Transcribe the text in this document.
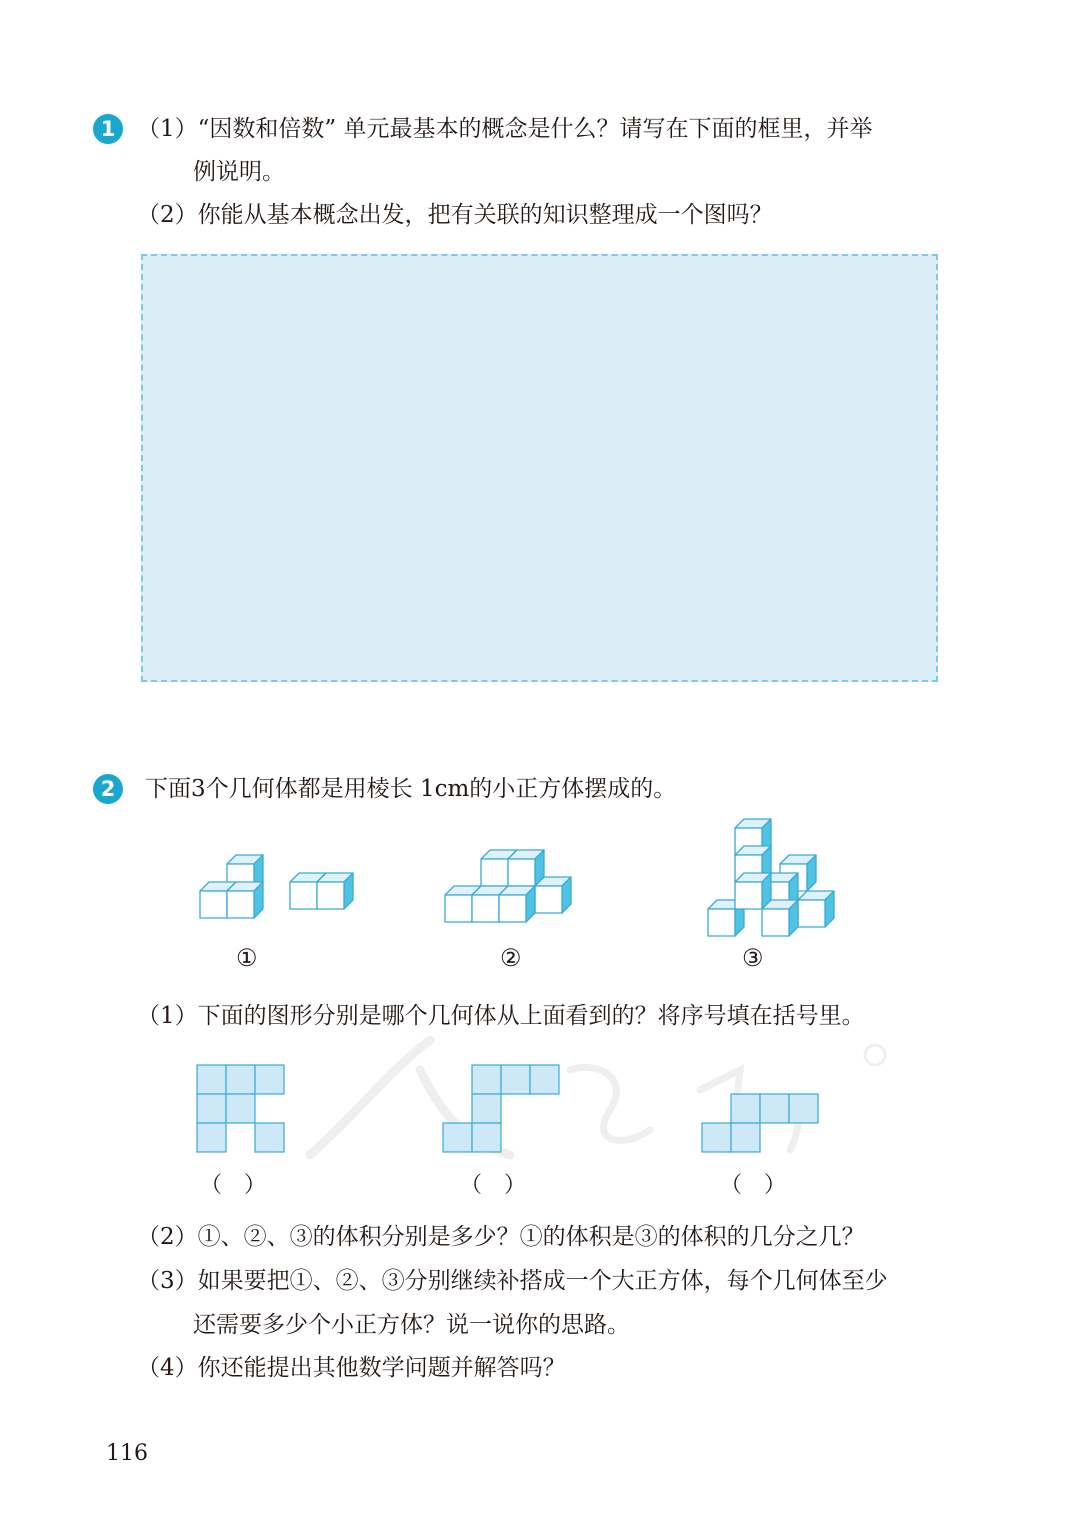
1 （1）“因数和倍数” 单元最基本的概念是什么？请写在下面的框里，并举
例说明。
（2）你能从基本概念出发，把有关联的知识整理成一个图吗？
2	下面3个几何体都是用棱长 1cm的小正方体摆成的。
①	②	③
（1）下面的图形分别是哪个几何体从上面看到的？将序号填在括号里。
（　）	（　）	（　）
（2）①、②、③的体积分别是多少？①的体积是③的体积的几分之几？
（3）如果要把①、②、③分别继续补搭成一个大正方体，每个几何体至少
还需要多少个小正方体？说一说你的思路。
（4）你还能提出其他数学问题并解答吗？
116
